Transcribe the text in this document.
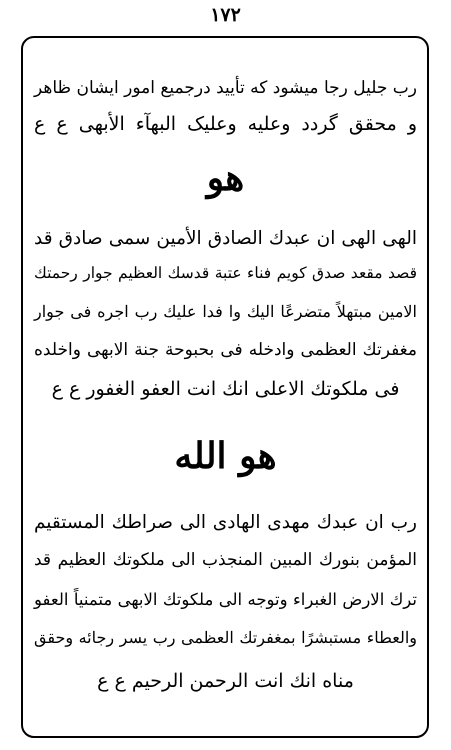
١٧٢
رب جلیل رجا میشود که تأیید درجمیع امور ایشان ظاهر
و محقق گردد وعلیه وعلیک البهآء الأبهی ع ع
هو
الهی الهی ان عبدك الصادق الأمین سمی صادق قد
قصد مقعد صدق کویم فناء عتبة قدسك العظیم جوار رحمتك
الامین مبتهلاً متضرعًا الیك وا فدا علیك رب اجره فی جوار
مغفرتك العظمی وادخله فی بحبوحة جنة الابهی واخلده
فی ملکوتك الاعلی انك انت العفو الغفور ع ع
هو الله
رب ان عبدك مهدی الهادی الی صراطك المستقیم
المؤمن بنورك المبین المنجذب الی ملکوتك العظیم قد
ترك الارض الغبراء وتوجه الی ملکوتك الابهی متمنیاً العفو
والعطاء مستبشرًا بمغفرتك العظمی رب یسر رجائه وحقق
مناه انك انت الرحمن الرحیم ع ع
